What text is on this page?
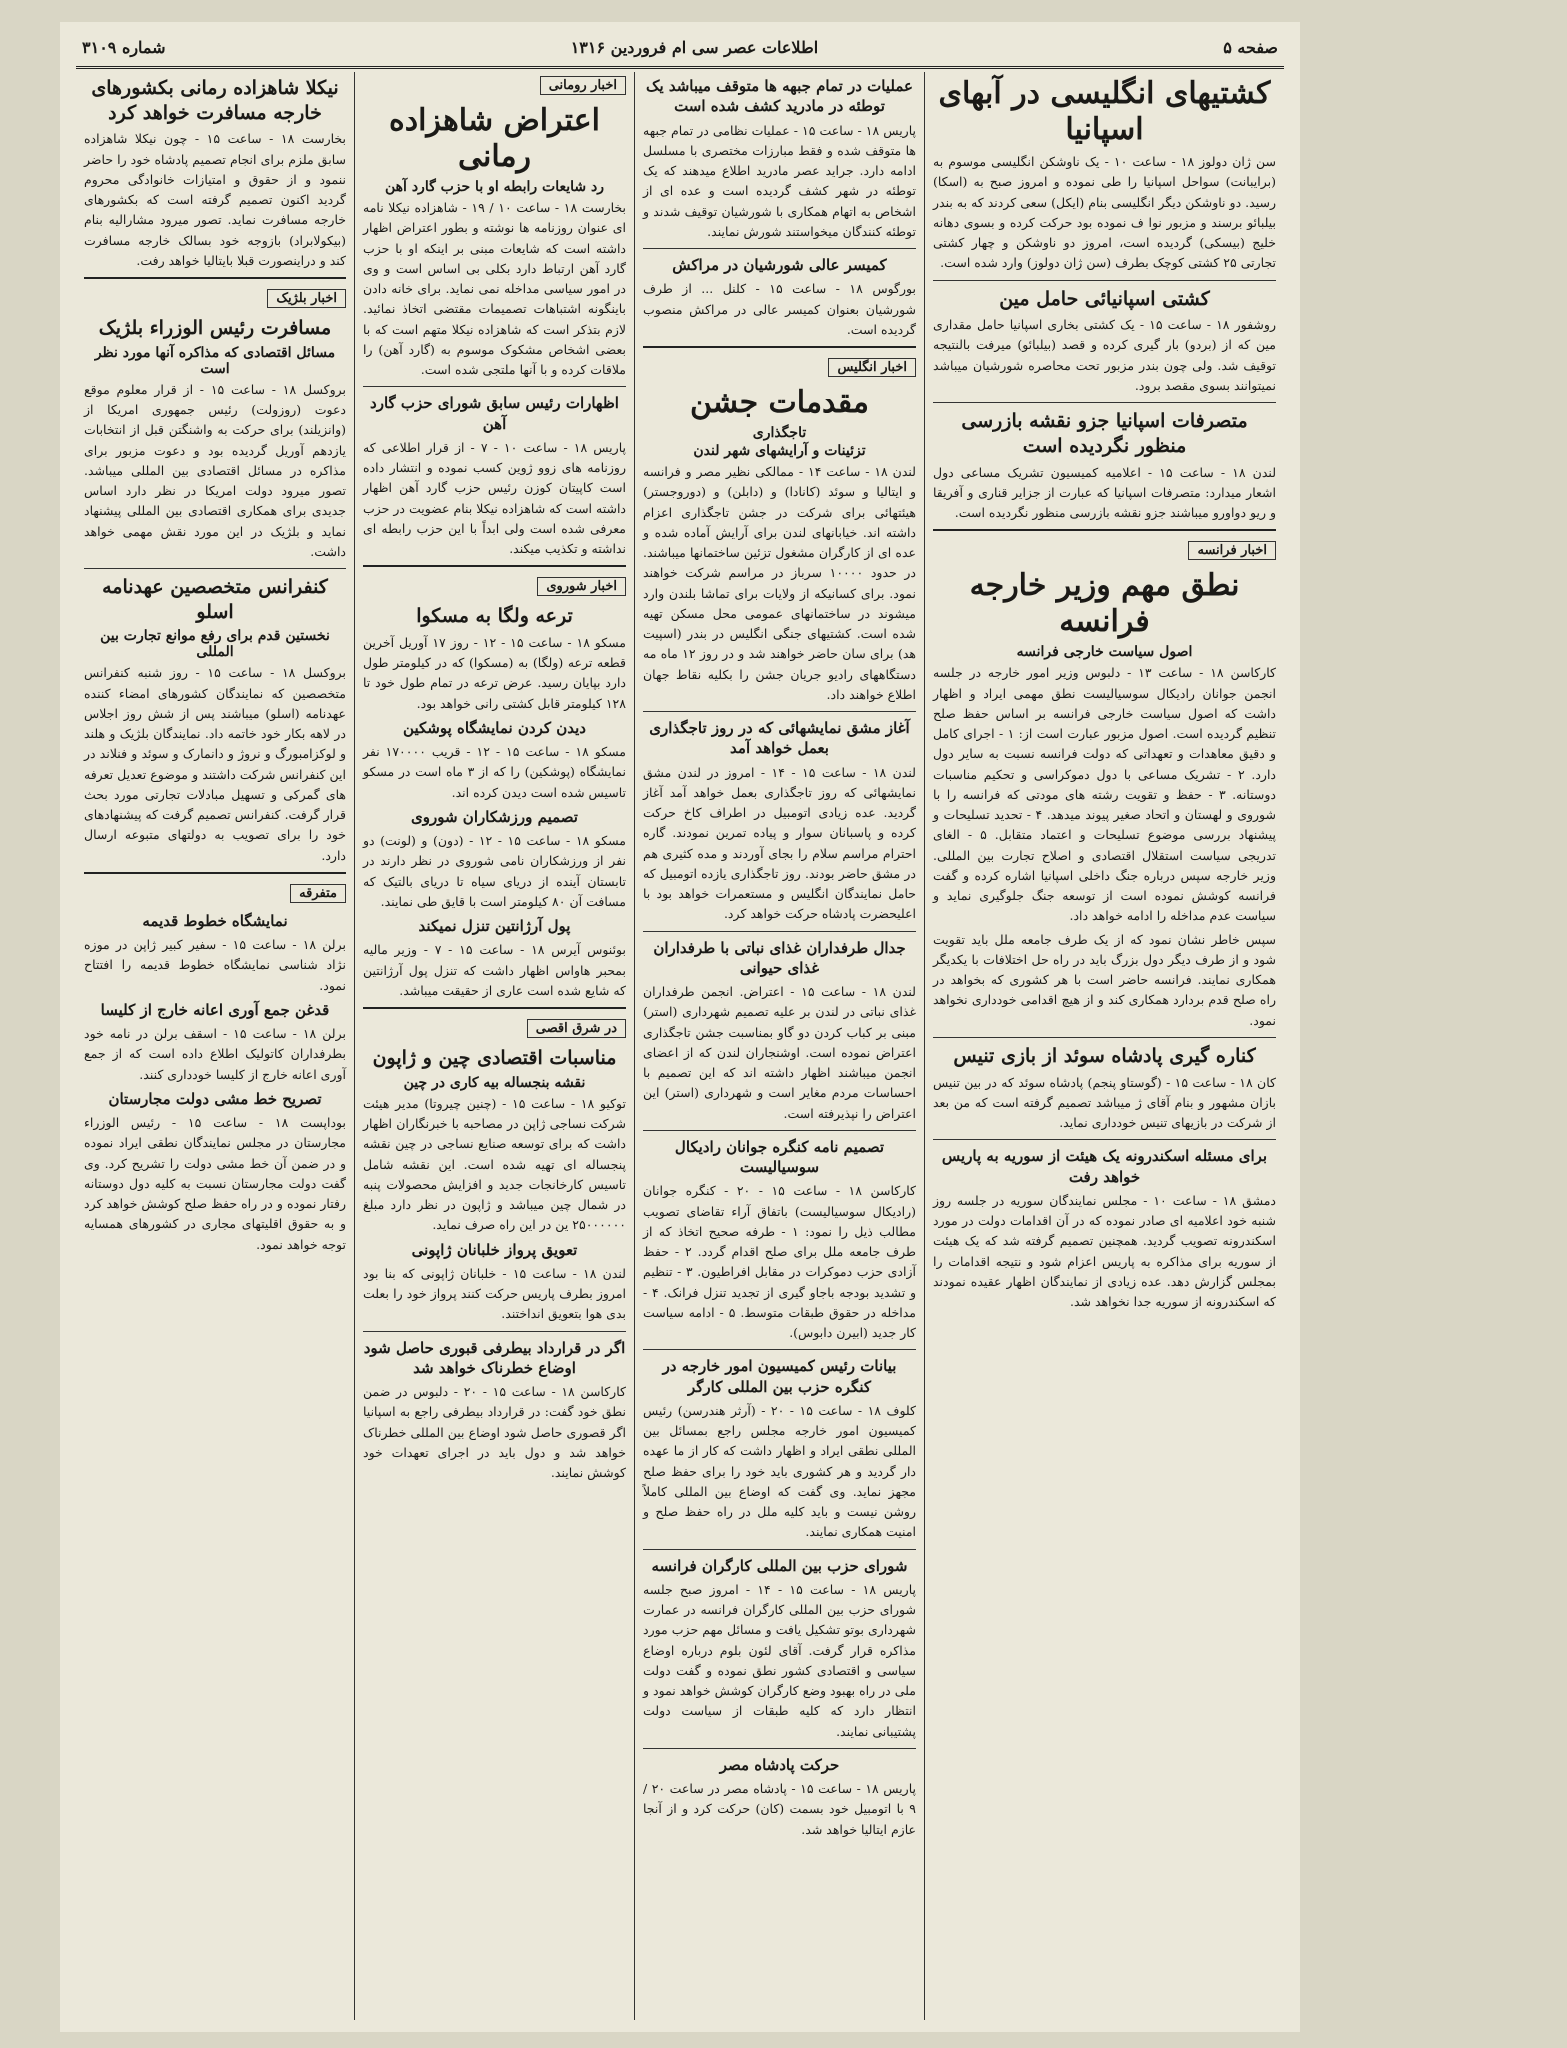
صفحه ۵
اطلاعات عصر سی ام فروردین ۱۳۱۶
شماره ۳۱۰۹
کشتیهای انگلیسی در آبهای اسپانیا

سن ژان دولوز ۱۸ - ساعت ۱۰ - یک ناوشکن انگلیسی موسوم به (برایبانت) سواحل اسپانیا را طی نموده و امروز صبح به (اسکا) رسید. دو ناوشکن دیگر انگلیسی بنام (ایکل) سعی کردند که به بندر بیلبائو برسند و مزبور نوا ف نموده بود حرکت کرده و بسوی دهانه خلیج (بیسکی) گردیده است، امروز دو ناوشکن و چهار کشتی تجارتی ۲۵ کشتی کوچک بطرف (سن ژان دولوز) وارد شده است.

کشتی اسپانیائی حامل مین

روشفور ۱۸ - ساعت ۱۵ - یک کشتی بخاری اسپانیا حامل مقداری مین که از (بردو) بار گیری کرده و قصد (بیلبائو) میرفت بالنتیجه توقیف شد. ولی چون بندر مزبور تحت محاصره شورشیان میباشد نمیتوانند بسوی مقصد برود.

متصرفات اسپانیا جزو نقشه بازرسی منظور نگردیده است

لندن ۱۸ - ساعت ۱۵ - اعلامیه کمیسیون تشریک مساعی دول اشعار میدارد: متصرفات اسپانیا که عبارت از جزایر قناری و آفریقا و ریو دواورو میباشند جزو نقشه بازرسی منظور نگردیده است.

اخبار فرانسه
نطق مهم وزیر خارجه فرانسه
اصول سیاست خارجی فرانسه

کارکاسن ۱۸ - ساعت ۱۳ - دلبوس وزیر امور خارجه در جلسه انجمن جوانان رادیکال سوسیالیست نطق مهمی ایراد و اظهار داشت که اصول سیاست خارجی فرانسه بر اساس حفظ صلح تنظیم گردیده است. اصول مزبور عبارت است از: ۱ - اجرای کامل و دقیق معاهدات و تعهداتی که دولت فرانسه نسبت به سایر دول دارد. ۲ - تشریک مساعی با دول دموکراسی و تحکیم مناسبات دوستانه. ۳ - حفظ و تقویت رشته های مودتی که فرانسه را با شوروی و لهستان و اتحاد صغیر پیوند میدهد. ۴ - تحدید تسلیحات و پیشنهاد بررسی موضوع تسلیحات و اعتماد متقابل. ۵ - الغای تدریجی سیاست استقلال اقتصادی و اصلاح تجارت بین المللی. وزیر خارجه سپس درباره جنگ داخلی اسپانیا اشاره کرده و گفت فرانسه کوشش نموده است از توسعه جنگ جلوگیری نماید و سیاست عدم مداخله را ادامه خواهد داد.

سپس خاطر نشان نمود که از یک طرف جامعه ملل باید تقویت شود و از طرف دیگر دول بزرگ باید در راه حل اختلافات با یکدیگر همکاری نمایند. فرانسه حاضر است با هر کشوری که بخواهد در راه صلح قدم بردارد همکاری کند و از هیچ اقدامی خودداری نخواهد نمود.

کناره گیری پادشاه سوئد از بازی تنیس

کان ۱۸ - ساعت ۱۵ - (گوستاو پنجم) پادشاه سوئد که در بین تنیس بازان مشهور و بنام آقای ژ میباشد تصمیم گرفته است که من بعد از شرکت در بازیهای تنیس خودداری نماید.

برای مسئله اسکندرونه یک هیئت از سوریه به پاریس خواهد رفت

دمشق ۱۸ - ساعت ۱۰ - مجلس نمایندگان سوریه در جلسه روز شنبه خود اعلامیه ای صادر نموده که در آن اقدامات دولت در مورد اسکندرونه تصویب گردید. همچنین تصمیم گرفته شد که یک هیئت از سوریه برای مذاکره به پاریس اعزام شود و نتیجه اقدامات را بمجلس گزارش دهد. عده زیادی از نمایندگان اظهار عقیده نمودند که اسکندرونه از سوریه جدا نخواهد شد.

عملیات در تمام جبهه ها متوقف میباشد یک توطئه در مادرید کشف شده است

پاریس ۱۸ - ساعت ۱۵ - عملیات نظامی در تمام جبهه ها متوقف شده و فقط مبارزات مختصری با مسلسل ادامه دارد. جراید عصر مادرید اطلاع میدهند که یک توطئه در شهر کشف گردیده است و عده ای از اشخاص به اتهام همکاری با شورشیان توقیف شدند و توطئه کنندگان میخواستند شورش نمایند.

کمیسر عالی شورشیان در مراکش

بورگوس ۱۸ - ساعت ۱۵ - کلنل ... از طرف شورشیان بعنوان کمیسر عالی در مراکش منصوب گردیده است.

اخبار انگلیس
مقدمات جشن
تاجگذاری
تزئینات و آرایشهای شهر لندن

لندن ۱۸ - ساعت ۱۴ - ممالکی نظیر مصر و فرانسه و ایتالیا و سوئد (کانادا) و (دابلن) و (دوروجستر) هیئتهائی برای شرکت در جشن تاجگذاری اعزام داشته اند. خیابانهای لندن برای آرایش آماده شده و عده ای از کارگران مشغول تزئین ساختمانها میباشند. در حدود ۱۰۰۰۰ سرباز در مراسم شرکت خواهند نمود. برای کسانیکه از ولایات برای تماشا بلندن وارد میشوند در ساختمانهای عمومی محل مسکن تهیه شده است. کشتیهای جنگی انگلیس در بندر (اسپیت هد) برای سان حاضر خواهند شد و در روز ۱۲ ماه مه دستگاههای رادیو جریان جشن را بکلیه نقاط جهان اطلاع خواهند داد.

آغاز مشق نمایشهائی که در روز تاجگذاری بعمل خواهد آمد

لندن ۱۸ - ساعت ۱۵ - ۱۴ - امروز در لندن مشق نمایشهائی که روز تاجگذاری بعمل خواهد آمد آغاز گردید. عده زیادی اتومبیل در اطراف کاخ حرکت کرده و پاسبانان سوار و پیاده تمرین نمودند. گاره احترام مراسم سلام را بجای آوردند و مده کثیری هم در مشق حاضر بودند. روز تاجگذاری یازده اتومبیل که حامل نمایندگان انگلیس و مستعمرات خواهد بود با اعلیحضرت پادشاه حرکت خواهد کرد.

جدال طرفداران غذای نباتی با طرفداران غذای حیوانی

لندن ۱۸ - ساعت ۱۵ - اعتراض. انجمن طرفداران غذای نباتی در لندن بر علیه تصمیم شهرداری (استر) مبنی بر کباب کردن دو گاو بمناسبت جشن تاجگذاری اعتراض نموده است. اوشنجاران لندن که از اعضای انجمن میباشند اظهار داشته اند که این تصمیم با احساسات مردم مغایر است و شهرداری (استر) این اعتراض را نپذیرفته است.

تصمیم نامه کنگره جوانان رادیکال سوسیالیست

کارکاسن ۱۸ - ساعت ۱۵ - ۲۰ - کنگره جوانان (رادیکال سوسیالیست) باتفاق آراء تقاضای تصویب مطالب ذیل را نمود: ۱ - طرفه صحیح اتخاذ که از طرف جامعه ملل برای صلح اقدام گردد. ۲ - حفظ آزادی حزب دموکرات در مقابل افراطیون. ۳ - تنظیم و تشدید بودجه باجاو گیری از تجدید تنزل فرانک. ۴ - مداخله در حقوق طبقات متوسط. ۵ - ادامه سیاست کار جدید (ابیرن دابوس).

بیانات رئیس کمیسیون امور خارجه در کنگره حزب بین المللی کارگر

کلوف ۱۸ - ساعت ۱۵ - ۲۰ - (آرثر هندرسن) رئیس کمیسیون امور خارجه مجلس راجع بمسائل بین المللی نطقی ایراد و اظهار داشت که کار از ما عهده دار گردید و هر کشوری باید خود را برای حفظ صلح مجهز نماید. وی گفت که اوضاع بین المللی کاملاً روشن نیست و باید کلیه ملل در راه حفظ صلح و امنیت همکاری نمایند.

شورای حزب بین المللی کارگران فرانسه

پاریس ۱۸ - ساعت ۱۵ - ۱۴ - امروز صبح جلسه شورای حزب بین المللی کارگران فرانسه در عمارت شهرداری بوتو تشکیل یافت و مسائل مهم حزب مورد مذاکره قرار گرفت. آقای لئون بلوم درباره اوضاع سیاسی و اقتصادی کشور نطق نموده و گفت دولت ملی در راه بهبود وضع کارگران کوشش خواهد نمود و انتظار دارد که کلیه طبقات از سیاست دولت پشتیبانی نمایند.

حرکت پادشاه مصر

پاریس ۱۸ - ساعت ۱۵ - پادشاه مصر در ساعت ۲۰ / ۹ با اتومبیل خود بسمت (کان) حرکت کرد و از آنجا عازم ایتالیا خواهد شد.

اخبار رومانی
اعتراض شاهزاده رمانی
رد شایعات رابطه او با حزب گارد آهن

بخارست ۱۸ - ساعت ۱۰ / ۱۹ - شاهزاده نیکلا نامه ای عنوان روزنامه ها نوشته و بطور اعتراض اظهار داشته است که شایعات مبنی بر اینکه او با حزب گارد آهن ارتباط دارد بکلی بی اساس است و وی در امور سیاسی مداخله نمی نماید. برای خانه دادن باینگونه اشتباهات تصمیمات مقتضی اتخاذ نمائید. لازم بتذکر است که شاهزاده نیکلا متهم است که با بعضی اشخاص مشکوک موسوم به (گارد آهن) را ملاقات کرده و با آنها ملتجی شده است.

اظهارات رئیس سابق شورای حزب گارد آهن

پاریس ۱۸ - ساعت ۱۰ - ۷ - از قرار اطلاعی که روزنامه های زوو ژوین کسب نموده و انتشار داده است کاپیتان کوزن رئیس حزب گارد آهن اظهار داشته است که شاهزاده نیکلا بنام عضویت در حزب معرفی شده است ولی ابداً با این حزب رابطه ای نداشته و تکذیب میکند.

اخبار شوروی
ترعه ولگا به مسکوا

مسکو ۱۸ - ساعت ۱۵ - ۱۲ - روز ۱۷ آوریل آخرین قطعه ترعه (ولگا) به (مسکوا) که در کیلومتر طول دارد بپایان رسید. عرض ترعه در تمام طول خود تا ۱۲۸ کیلومتر قابل کشتی رانی خواهد بود.

دیدن کردن نمایشگاه پوشکین

مسکو ۱۸ - ساعت ۱۵ - ۱۲ - قریب ۱۷۰۰۰۰ نفر نمایشگاه (پوشکین) را که از ۳ ماه است در مسکو تاسیس شده است دیدن کرده اند.

تصمیم ورزشکاران شوروی

مسکو ۱۸ - ساعت ۱۵ - ۱۲ - (دون) و (لونت) دو نفر از ورزشکاران نامی شوروی در نظر دارند در تابستان آینده از دریای سیاه تا دریای بالتیک که مسافت آن ۸۰ کیلومتر است با قایق طی نمایند.

پول آرژانتین تنزل نمیکند

بوئنوس آیرس ۱۸ - ساعت ۱۵ - ۷ - وزیر مالیه بمحبر هاواس اظهار داشت که تنزل پول آرژانتین که شایع شده است عاری از حقیقت میباشد.

در شرق اقصی
مناسبات اقتصادی چین و ژاپون
نقشه بنجساله بیه کاری در چین

توکیو ۱۸ - ساعت ۱۵ - (چنین چیروتا) مدیر هیئت شرکت نساجی ژاپن در مصاحبه با خبرنگاران اظهار داشت که برای توسعه صنایع نساجی در چین نقشه پنجساله ای تهیه شده است. این نقشه شامل تاسیس کارخانجات جدید و افزایش محصولات پنبه در شمال چین میباشد و ژاپون در نظر دارد مبلغ ۲۵۰۰۰۰۰۰ ین در این راه صرف نماید.

تعویق پرواز خلبانان ژاپونی

لندن ۱۸ - ساعت ۱۵ - خلبانان ژاپونی که بنا بود امروز بطرف پاریس حرکت کنند پرواز خود را بعلت بدی هوا بتعویق انداختند.

اگر در قرارداد بیطرفی قبوری حاصل شود اوضاع خطرناک خواهد شد

کارکاسن ۱۸ - ساعت ۱۵ - ۲۰ - دلبوس در ضمن نطق خود گفت: در قرارداد بیطرفی راجع به اسپانیا اگر قصوری حاصل شود اوضاع بین المللی خطرناک خواهد شد و دول باید در اجرای تعهدات خود کوشش نمایند.

نیکلا شاهزاده رمانی بکشورهای خارجه مسافرت خواهد کرد

بخارست ۱۸ - ساعت ۱۵ - چون نیکلا شاهزاده سابق ملزم برای انجام تصمیم پادشاه خود را حاضر ننمود و از حقوق و امتیازات خانوادگی محروم گردید اکنون تصمیم گرفته است که بکشورهای خارجه مسافرت نماید. تصور میرود مشارالیه بنام (بیکولابراد) بازوجه خود بسالک خارجه مسافرت کند و دراینصورت قبلا بایتالیا خواهد رفت.

اخبار بلژیک
مسافرت رئیس الوزراء بلژیک
مسائل اقتصادی که مذاکره آنها مورد نظر است

بروکسل ۱۸ - ساعت ۱۵ - از قرار معلوم موقع دعوت (روزولت) رئیس جمهوری امریکا از (وانزیلند) برای حرکت به واشنگتن قبل از انتخابات یازدهم آوریل گردیده بود و دعوت مزبور برای مذاکره در مسائل اقتصادی بین المللی میباشد. تصور میرود دولت امریکا در نظر دارد اساس جدیدی برای همکاری اقتصادی بین المللی پیشنهاد نماید و بلژیک در این مورد نقش مهمی خواهد داشت.

کنفرانس متخصصین عهدنامه اسلو
نخستین قدم برای رفع موانع تجارت بین المللی

بروکسل ۱۸ - ساعت ۱۵ - روز شنبه کنفرانس متخصصین که نمایندگان کشورهای امضاء کننده عهدنامه (اسلو) میباشند پس از شش روز اجلاس در لاهه بکار خود خاتمه داد. نمایندگان بلژیک و هلند و لوکزامبورگ و نروژ و دانمارک و سوئد و فنلاند در این کنفرانس شرکت داشتند و موضوع تعدیل تعرفه های گمرکی و تسهیل مبادلات تجارتی مورد بحث قرار گرفت. کنفرانس تصمیم گرفت که پیشنهادهای خود را برای تصویب به دولتهای متبوعه ارسال دارد.

متفرقه
نمایشگاه خطوط قدیمه

برلن ۱۸ - ساعت ۱۵ - سفیر کبیر ژاپن در موزه نژاد شناسی نمایشگاه خطوط قدیمه را افتتاح نمود.

قدغن جمع آوری اعانه خارج از کلیسا

برلن ۱۸ - ساعت ۱۵ - اسقف برلن در نامه خود بطرفداران کاتولیک اطلاع داده است که از جمع آوری اعانه خارج از کلیسا خودداری کنند.

تصریح خط مشی دولت مجارستان

بوداپست ۱۸ - ساعت ۱۵ - رئیس الوزراء مجارستان در مجلس نمایندگان نطقی ایراد نموده و در ضمن آن خط مشی دولت را تشریح کرد. وی گفت دولت مجارستان نسبت به کلیه دول دوستانه رفتار نموده و در راه حفظ صلح کوشش خواهد کرد و به حقوق اقلیتهای مجاری در کشورهای همسایه توجه خواهد نمود.
